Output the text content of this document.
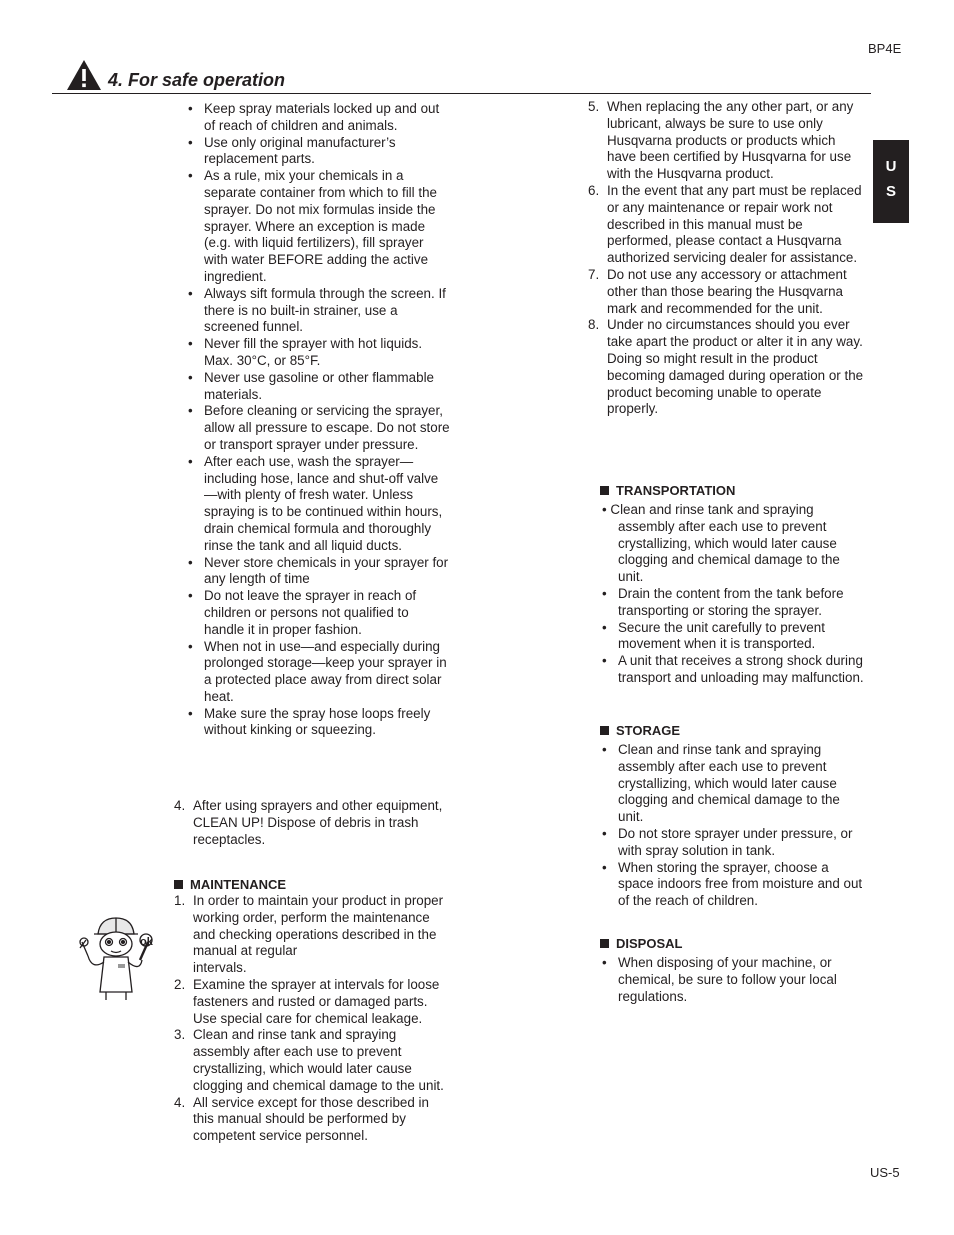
BP4E
4. For safe operation
U
S
• Keep spray materials locked up and out of reach of children and animals.
• Use only original manufacturer’s replacement parts.
• As a rule, mix your chemicals in a separate container from which to fill the sprayer. Do not mix formulas inside the sprayer. Where an exception is made (e.g. with liquid fertilizers), fill sprayer with water BEFORE adding the active ingredient.
• Always sift formula through the screen. If there is no built-in strainer, use a screened funnel.
• Never fill the sprayer with hot liquids. Max. 30°C, or 85°F.
• Never use gasoline or other flammable materials.
• Before cleaning or servicing the sprayer, allow all pressure to escape. Do not store or transport sprayer under pressure.
• After each use, wash the sprayer—including hose, lance and shut-off valve—with plenty of fresh water. Unless spraying is to be continued within hours,
drain chemical formula and thoroughly rinse the tank and all liquid ducts.
• Never store chemicals in your sprayer for any length of time
• Do not leave the sprayer in reach of children or persons not qualified to handle it in proper fashion.
• When not in use—and especially during prolonged storage—keep your sprayer in a protected place away from direct solar heat.
• Make sure the spray hose loops freely without kinking or squeezing.
4. After using sprayers and other equipment, CLEAN UP! Dispose of debris in trash receptacles.
MAINTENANCE
1. In order to maintain your product in proper working order, perform the maintenance and checking operations described in the manual at regular
intervals.
2. Examine the sprayer at intervals for loose fasteners and rusted or damaged parts.
Use special care for chemical leakage.
3. Clean and rinse tank and spraying assembly after each use to prevent crystallizing, which would later cause clogging and chemical damage to the unit.
4. All service except for those described in this manual should be performed by competent service personnel.
ok
5. When replacing the any other part, or any lubricant, always be sure to use only Husqvarna products or products which have been certified by Husqvarna for use with the Husqvarna product.
6. In the event that any part must be replaced or any maintenance or repair work not described in this manual must be performed, please contact a Husqvarna authorized servicing dealer for assistance.
7. Do not use any accessory or attachment other than those bearing the Husqvarna mark and recommended for the unit.
8. Under no circumstances should you ever take apart the product or alter it in any way. Doing so might result in the product becoming damaged during operation or the product becoming unable to operate properly.
TRANSPORTATION
• Clean and rinse tank and spraying assembly after each use to prevent crystallizing, which would later cause clogging and chemical damage to the unit.
• Drain the content from the tank before transporting or storing the sprayer.
• Secure the unit carefully to prevent movement when it is transported.
• A unit that receives a strong shock during transport and unloading may malfunction.
STORAGE
• Clean and rinse tank and spraying assembly after each use to prevent crystallizing, which would later cause clogging and chemical damage to the unit.
• Do not store sprayer under pressure, or with spray solution in tank.
• When storing the sprayer, choose a space indoors free from moisture and out of the reach of children.
DISPOSAL
• When disposing of your machine, or chemical, be sure to follow your local regulations.
US-5
